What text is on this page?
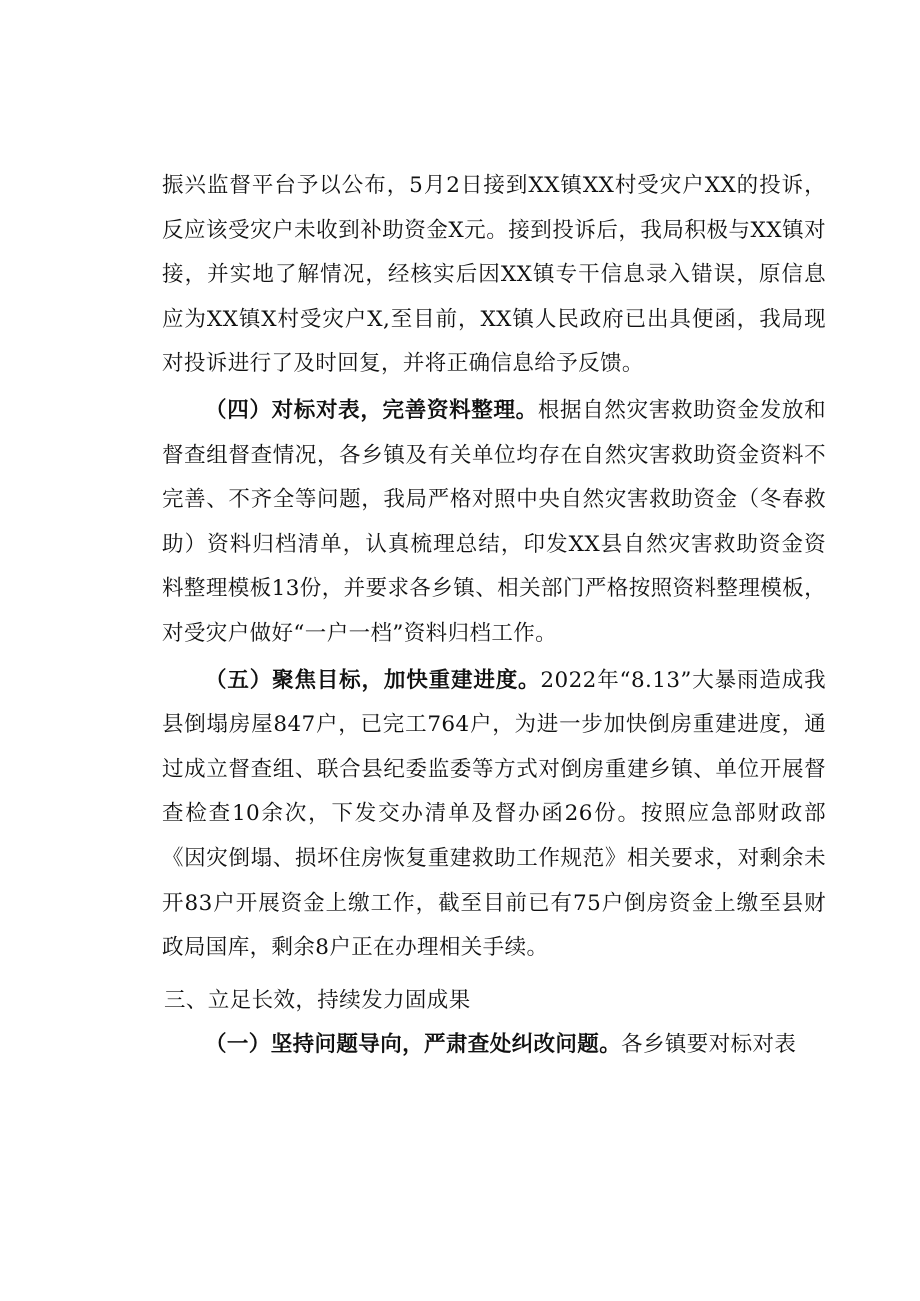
振兴监督平台予以公布，5月2日接到XX镇XX村受灾户XX的投诉，反应该受灾户未收到补助资金X元。接到投诉后，我局积极与XX镇对接，并实地了解情况，经核实后因XX镇专干信息录入错误，原信息应为XX镇X村受灾户X,至目前，XX镇人民政府已出具便函，我局现对投诉进行了及时回复，并将正确信息给予反馈。

（四）对标对表，完善资料整理。根据自然灾害救助资金发放和督查组督查情况，各乡镇及有关单位均存在自然灾害救助资金资料不完善、不齐全等问题，我局严格对照中央自然灾害救助资金（冬春救助）资料归档清单，认真梳理总结，印发XX县自然灾害救助资金资料整理模板13份，并要求各乡镇、相关部门严格按照资料整理模板，对受灾户做好“一户一档”资料归档工作。

（五）聚焦目标，加快重建进度。2022年“8.13”大暴雨造成我县倒塌房屋847户，已完工764户，为进一步加快倒房重建进度，通过成立督查组、联合县纪委监委等方式对倒房重建乡镇、单位开展督查检查10余次，下发交办清单及督办函26份。按照应急部财政部《因灾倒塌、损坏住房恢复重建救助工作规范》相关要求，对剩余未开83户开展资金上缴工作，截至目前已有75户倒房资金上缴至县财政局国库，剩余8户正在办理相关手续。

三、立足长效，持续发力固成果

（一）坚持问题导向，严肃查处纠改问题。各乡镇要对标对表
